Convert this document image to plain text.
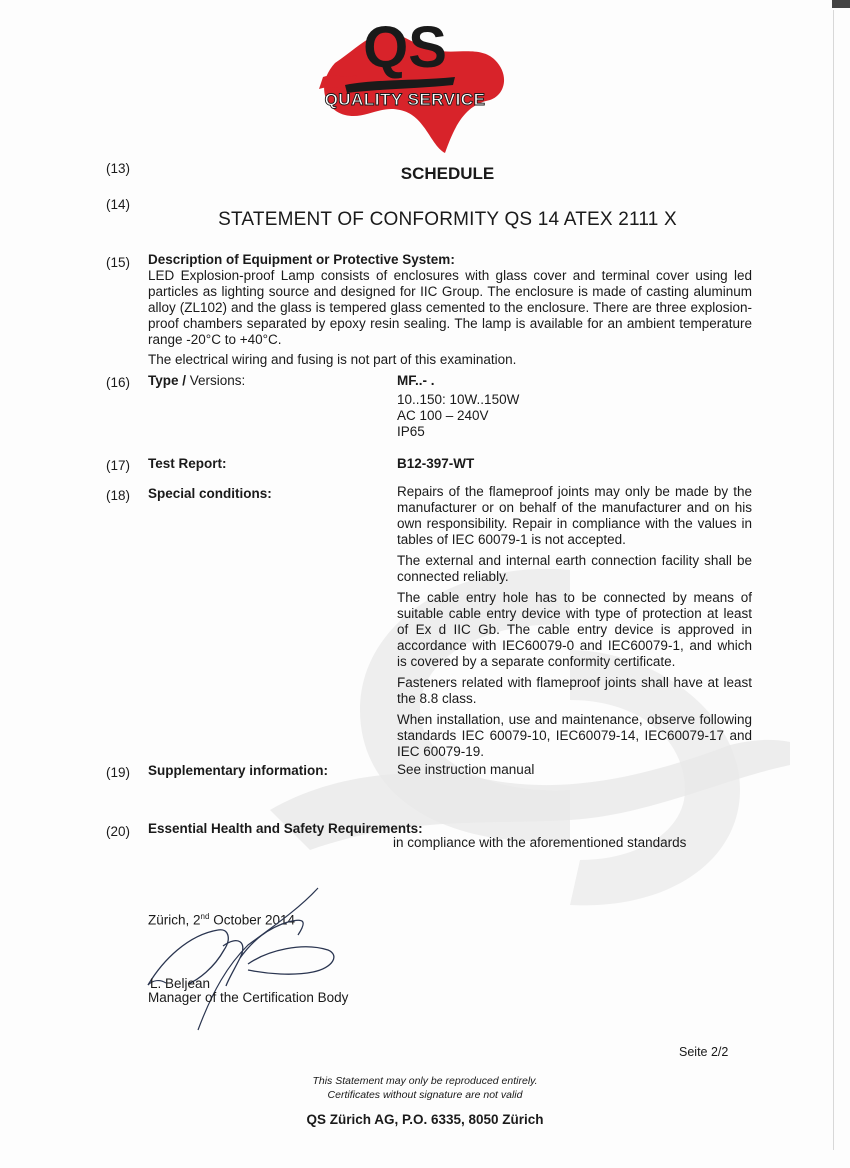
QS
QUALITY SERVICE
(13)	SCHEDULE
(14)
STATEMENT OF CONFORMITY QS 14 ATEX 2111 X
(15) Description of Equipment or Protective System:
LED Explosion-proof Lamp consists of enclosures with glass cover and terminal cover using led particles as lighting source and designed for IIC Group. The enclosure is made of casting aluminum alloy (ZL102) and the glass is tempered glass cemented to the enclosure. There are three explosion-proof chambers separated by epoxy resin sealing. The lamp is available for an ambient temperature range -20°C to +40°C.
The electrical wiring and fusing is not part of this examination.
(16) Type / Versions:	MF..- .
10..150: 10W..150W
AC 100 – 240V
IP65
(17) Test Report:	B12-397-WT
(18) Special conditions:	Repairs of the flameproof joints may only be made by the manufacturer or on behalf of the manufacturer and on his own responsibility. Repair in compliance with the values in tables of IEC 60079-1 is not accepted.

The external and internal earth connection facility shall be connected reliably.

The cable entry hole has to be connected by means of suitable cable entry device with type of protection at least of Ex d IIC Gb. The cable entry device is approved in accordance with IEC60079-0 and IEC60079-1, and which is covered by a separate conformity certificate.

Fasteners related with flameproof joints shall have at least the 8.8 class.

When installation, use and maintenance, observe following standards IEC 60079-10, IEC60079-14, IEC60079-17 and IEC 60079-19.

(19) Supplementary information:	See instruction manual
(20) Essential Health and Safety Requirements:
in compliance with the aforementioned standards
Zürich, 2nd October 2014
L. Beljean
Manager of the Certification Body
Seite 2/2
This Statement may only be reproduced entirely.
Certificates without signature are not valid
QS Zürich AG, P.O. 6335, 8050 Zürich
